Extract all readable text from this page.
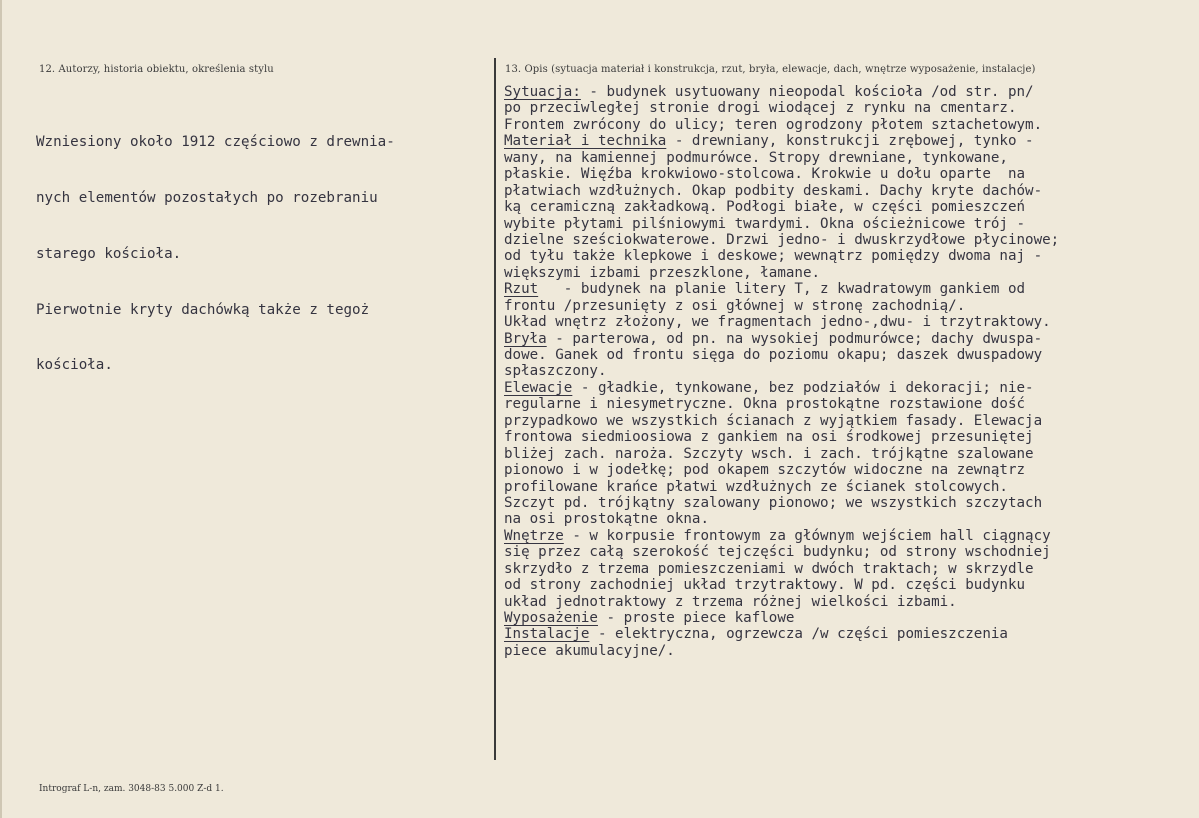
12. Autorzy, historia obiektu, określenia stylu	13. Opis (sytuacja materiał i konstrukcja, rzut, bryła, elewacje, dach, wnętrze wyposażenie, instalacje)

Wzniesiony około 1912 częściowo z drewnia-

nych elementów pozostałych po rozebraniu

starego kościoła.

Pierwotnie kryty dachówką także z tegoż

kościoła.

Sytuacja: - budynek usytuowany nieopodal kościoła /od str. pn/
po przeciwległej stronie drogi wiodącej z rynku na cmentarz.
Frontem zwrócony do ulicy; teren ogrodzony płotem sztachetowym.
Materiał i technika - drewniany, konstrukcji zrębowej, tynko -
wany, na kamiennej podmurówce. Stropy drewniane, tynkowane,
płaskie. Więźba krokwiowo-stolcowa. Krokwie u dołu oparte  na
płatwiach wzdłużnych. Okap podbity deskami. Dachy kryte dachów-
ką ceramiczną zakładkową. Podłogi białe, w części pomieszczeń
wybite płytami pilśniowymi twardymi. Okna ościeżnicowe trój -
dzielne sześciokwaterowe. Drzwi jedno- i dwuskrzydłowe płycinowe;
od tyłu także klepkowe i deskowe; wewnątrz pomiędzy dwoma naj -
większymi izbami przeszklone, łamane.
Rzut   - budynek na planie litery T, z kwadratowym gankiem od
frontu /przesunięty z osi głównej w stronę zachodnią/.
Układ wnętrz złożony, we fragmentach jedno-,dwu- i trzytraktowy.
Bryła - parterowa, od pn. na wysokiej podmurówce; dachy dwuspa-
dowe. Ganek od frontu sięga do poziomu okapu; daszek dwuspadowy
spłaszczony.
Elewacje - gładkie, tynkowane, bez podziałów i dekoracji; nie-
regularne i niesymetryczne. Okna prostokątne rozstawione dość
przypadkowo we wszystkich ścianach z wyjątkiem fasady. Elewacja
frontowa siedmioosiowa z gankiem na osi środkowej przesuniętej
bliżej zach. naroża. Szczyty wsch. i zach. trójkątne szalowane
pionowo i w jodełkę; pod okapem szczytów widoczne na zewnątrz
profilowane krańce płatwi wzdłużnych ze ścianek stolcowych.
Szczyt pd. trójkątny szalowany pionowo; we wszystkich szczytach
na osi prostokątne okna.
Wnętrze - w korpusie frontowym za głównym wejściem hall ciągnący
się przez całą szerokość tejczęści budynku; od strony wschodniej
skrzydło z trzema pomieszczeniami w dwóch traktach; w skrzydle
od strony zachodniej układ trzytraktowy. W pd. części budynku
układ jednotraktowy z trzema różnej wielkości izbami.
Wyposażenie - proste piece kaflowe
Instalacje - elektryczna, ogrzewcza /w części pomieszczenia
piece akumulacyjne/.
Intrograf L-n, zam. 3048-83 5.000 Z-d 1.
